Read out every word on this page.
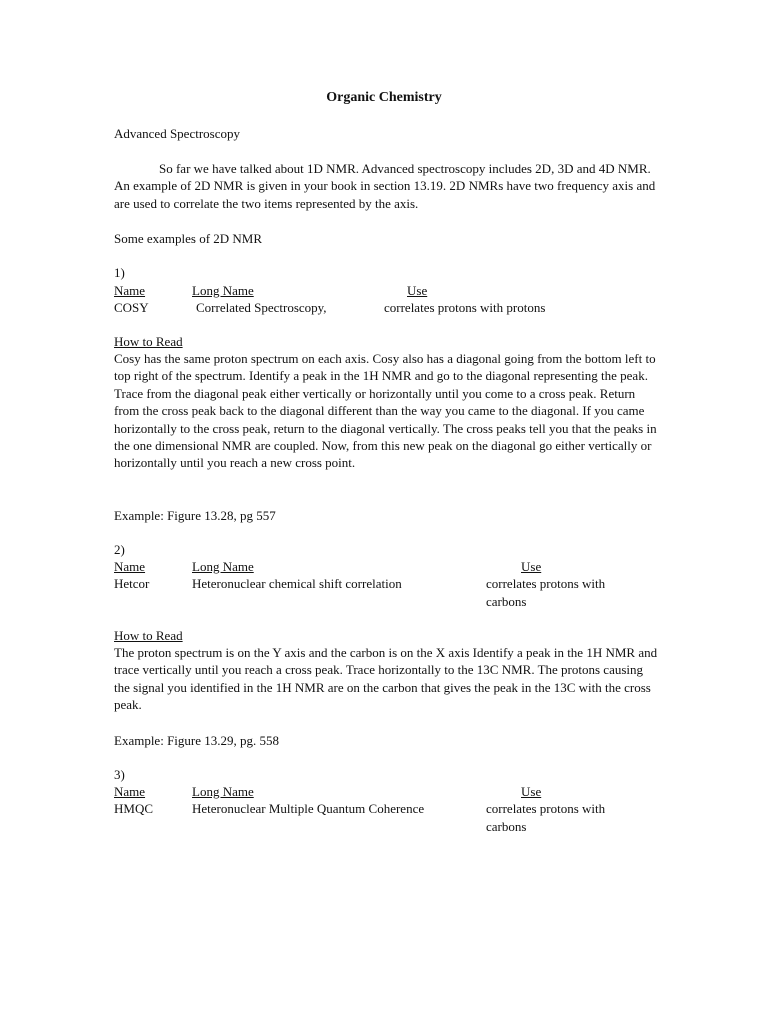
Organic Chemistry
Advanced Spectroscopy
So far we have talked about 1D NMR. Advanced spectroscopy includes 2D, 3D and 4D NMR. An example of 2D NMR is given in your book in section 13.19. 2D NMRs have two frequency axis and are used to correlate the two items represented by the axis.
Some examples of 2D NMR
1)
Name	Long Name	Use
COSY	Correlated Spectroscopy,	correlates protons with protons
How to Read
Cosy has the same proton spectrum on each axis. Cosy also has a diagonal going from the bottom left to top right of the spectrum. Identify a peak in the 1H NMR and go to the diagonal representing the peak. Trace from the diagonal peak either vertically or horizontally until you come to a cross peak. Return from the cross peak back to the diagonal different than the way you came to the diagonal. If you came horizontally to the cross peak, return to the diagonal vertically. The cross peaks tell you that the peaks in the one dimensional NMR are coupled. Now, from this new peak on the diagonal go either vertically or horizontally until you reach a new cross point.
Example: Figure 13.28, pg 557
2)
Name	Long Name	Use
Hetcor	Heteronuclear chemical shift correlation	correlates protons with carbons
How to Read
The proton spectrum is on the Y axis and the carbon is on the X axis Identify a peak in the 1H NMR and trace vertically until you reach a cross peak. Trace horizontally to the 13C NMR. The protons causing the signal you identified in the 1H NMR are on the carbon that gives the peak in the 13C with the cross peak.
Example: Figure 13.29, pg. 558
3)
Name	Long Name	Use
HMQC	Heteronuclear Multiple Quantum Coherence	correlates protons with carbons
